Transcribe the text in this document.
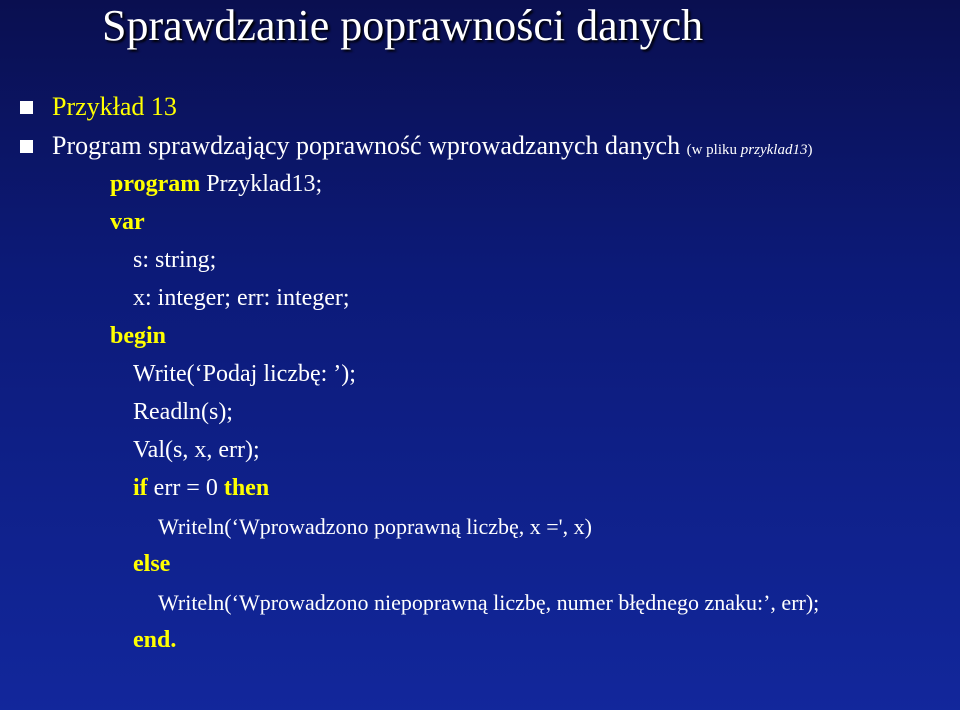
Sprawdzanie poprawności danych
Przykład 13
Program sprawdzający poprawność wprowadzanych danych (w pliku przyklad13)
program Przyklad13;
var
s: string;
x: integer; err: integer;
begin
Write(‘Podaj liczbę: ’);
Readln(s);
Val(s, x, err);
if err = 0 then
Writeln(‘Wprowadzono poprawną liczbę, x =', x)
else
Writeln(‘Wprowadzono niepoprawną liczbę, numer błędnego znaku:’, err);
end.
